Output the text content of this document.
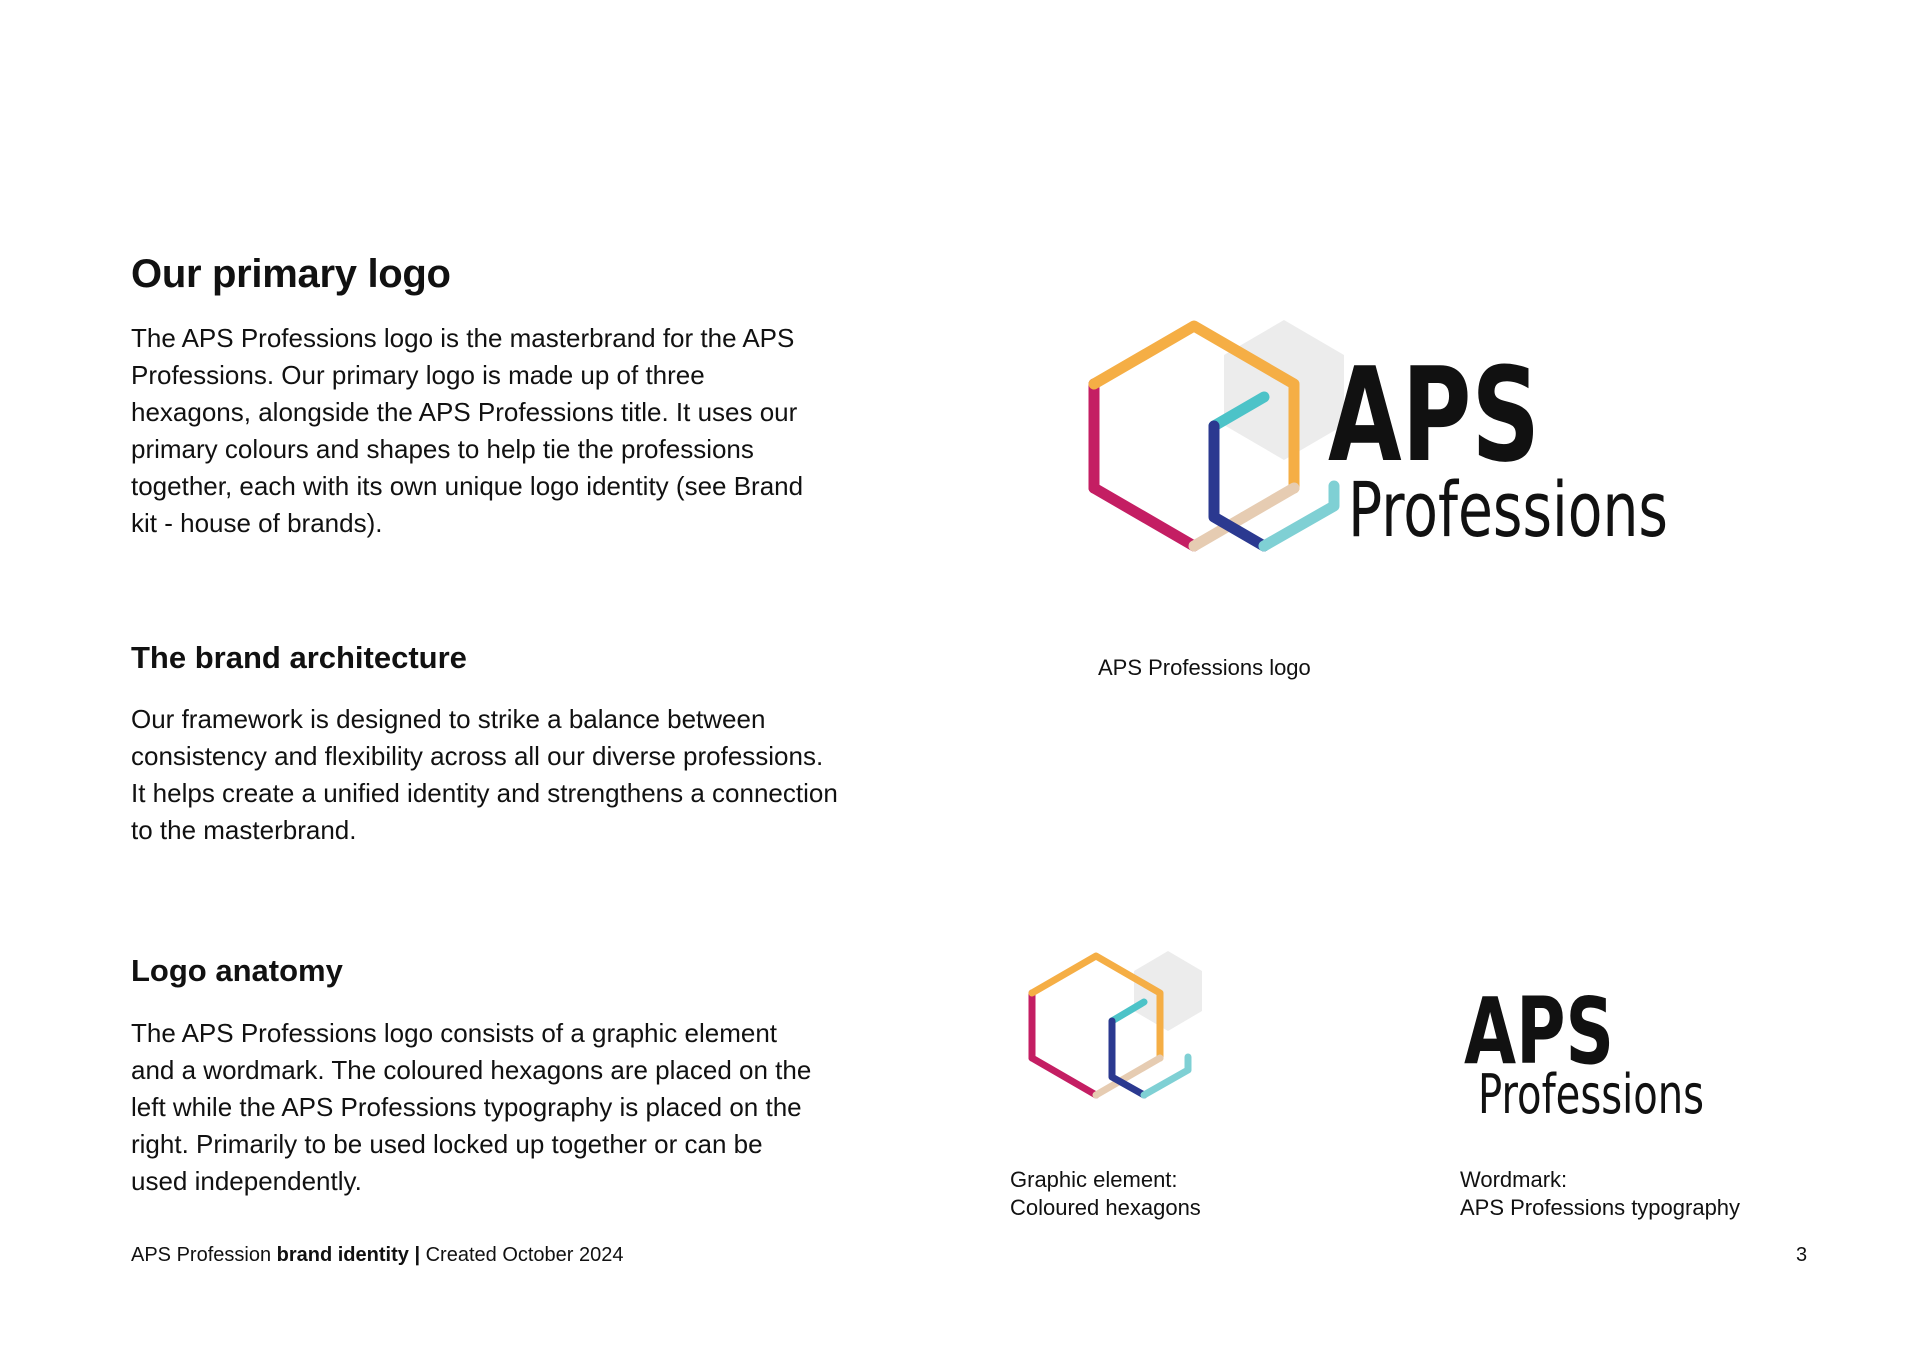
Our primary logo

The APS Professions logo is the masterbrand for the APS Professions. Our primary logo is made up of three hexagons, alongside the APS Professions title. It uses our primary colours and shapes to help tie the professions together, each with its own unique logo identity (see Brand kit - house of brands).

The brand architecture

Our framework is designed to strike a balance between consistency and flexibility across all our diverse professions. It helps create a unified identity and strengthens a connection to the masterbrand.

Logo anatomy

The APS Professions logo consists of a graphic element and a wordmark. The coloured hexagons are placed on the left while the APS Professions typography is placed on the right. Primarily to be used locked up together or can be used independently.

APS
Professions

APS Professions logo

Graphic element:
Coloured hexagons

APS
Professions

Wordmark:
APS Professions typography

APS Profession brand identity | Created October 2024	3
